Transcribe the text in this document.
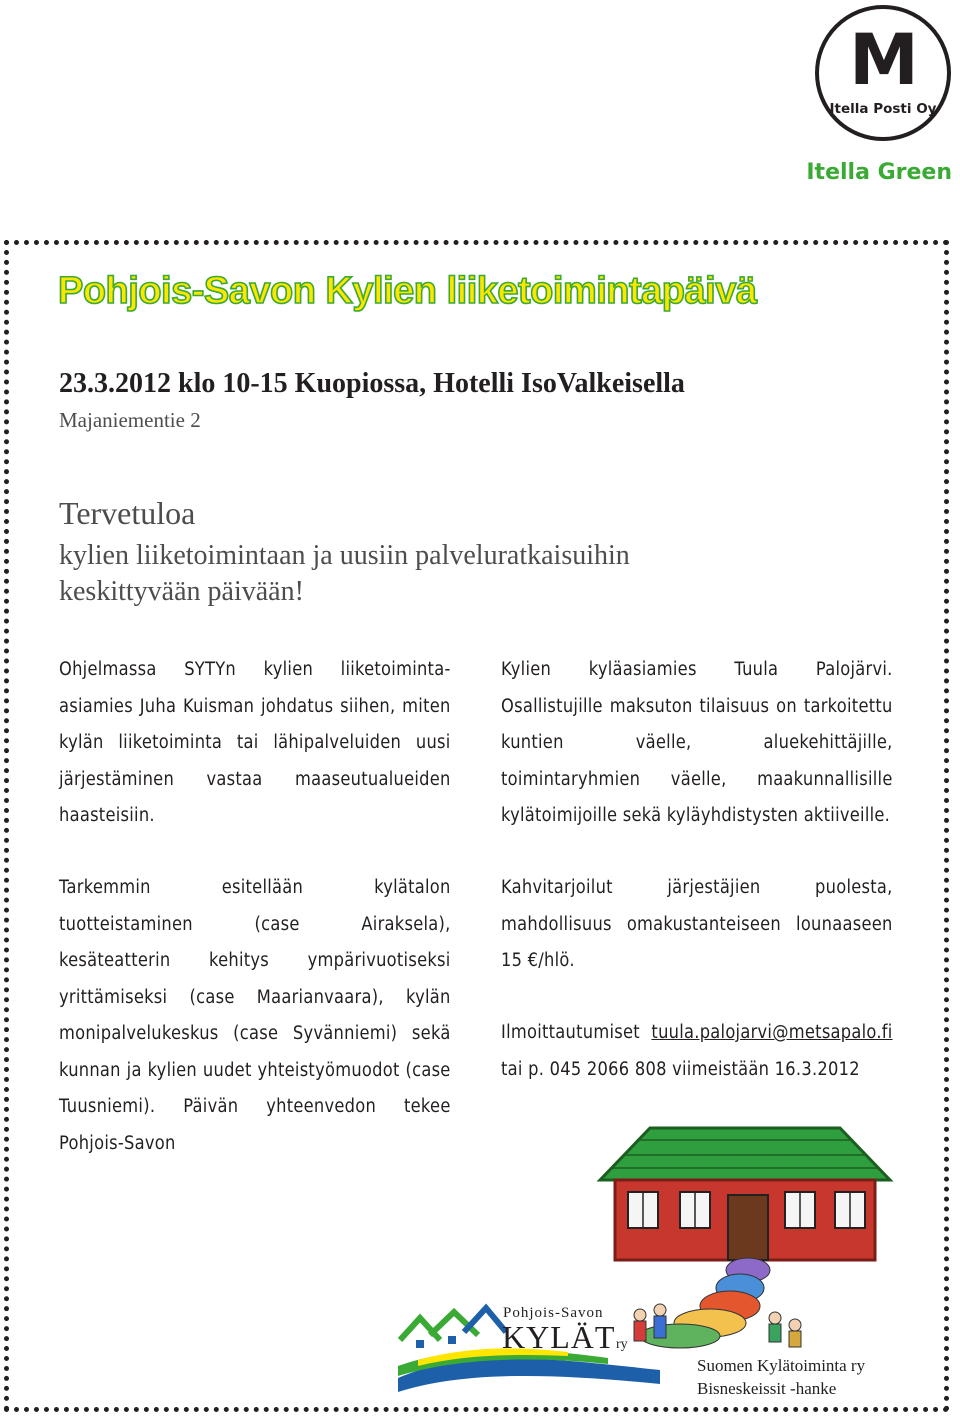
M
Itella Posti Oy
Itella Green
Pohjois-Savon Kylien liiketoimintapäivä
23.3.2012 klo 10-15 Kuopiossa, Hotelli IsoValkeisella
Majaniementie 2
Tervetuloa
kylien liiketoimintaan ja uusiin palveluratkaisuihin
keskittyvään päivään!

Ohjelmassa SYTYn kylien liiketoiminta-asiamies Juha Kuisman johdatus siihen, miten kylän liiketoiminta tai lähipalveluiden uusi järjestäminen vastaa maaseutualueiden haasteisiin.

Tarkemmin esitellään kylätalon tuotteistaminen (case Airaksela), kesäteatterin kehitys ympärivuotiseksi yrittämiseksi (case Maarianvaara), kylän monipalvelukeskus (case Syvänniemi) sekä kunnan ja kylien uudet yhteistyömuodot (case Tuusniemi). Päivän yhteenvedon tekee Pohjois-Savon

Kylien kyläasiamies Tuula Palojärvi. Osallistujille maksuton tilaisuus on tarkoitettu kuntien väelle, aluekehittäjille, toimintaryhmien väelle, maakunnallisille kylätoimijoille sekä kyläyhdistysten aktiiveille.

Kahvitarjoilut järjestäjien puolesta, mahdollisuus omakustanteiseen lounaaseen 15 €/hlö.

Ilmoittautumiset tuula.palojarvi@metsapalo.fi tai p. 045 2066 808 viimeistään 16.3.2012

Pohjois-Savon
KYLÄT ry
Suomen Kylätoiminta ry
Bisneskeissit -hanke
